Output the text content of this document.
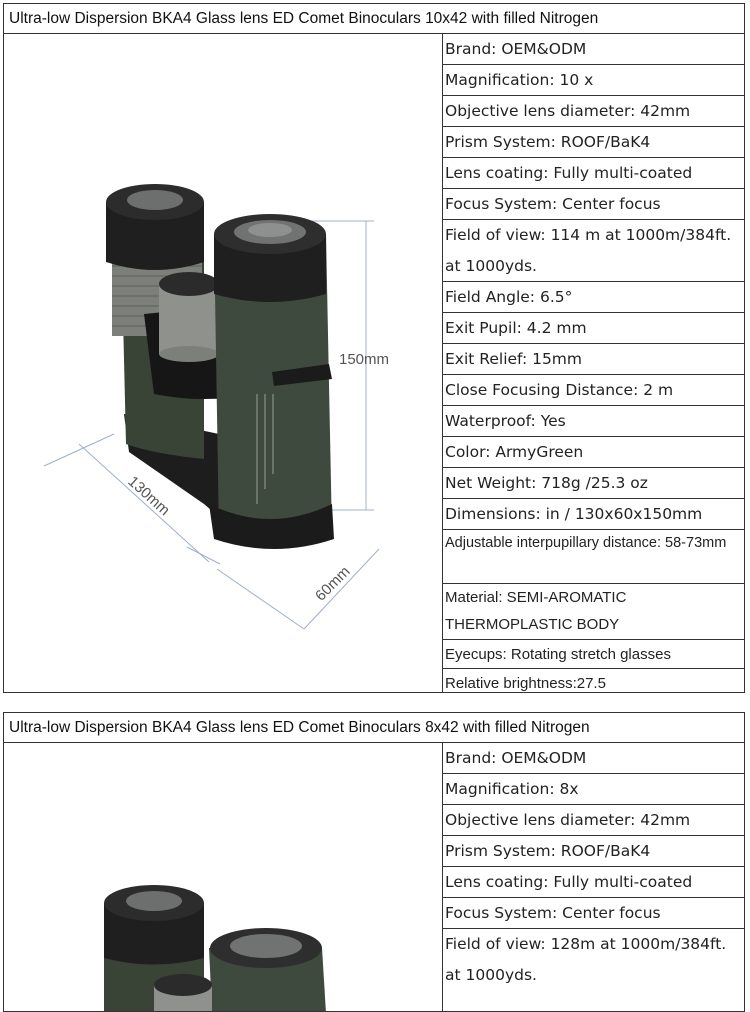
Ultra-low Dispersion BKA4 Glass lens ED Comet Binoculars 10x42 with filled Nitrogen
150mm
130mm
60mm
Brand: OEM&ODM
Magnification: 10 x
Objective lens diameter: 42mm
Prism System: ROOF/BaK4
Lens coating: Fully multi-coated
Focus System: Center focus
Field of view: 114 m at 1000m/384ft. at 1000yds.
Field Angle: 6.5°
Exit Pupil: 4.2 mm
Exit Relief: 15mm
Close Focusing Distance: 2 m
Waterproof: Yes
Color: ArmyGreen
Net Weight: 718g /25.3 oz
Dimensions: in / 130x60x150mm
Adjustable interpupillary distance: 58-73mm
Material: SEMI-AROMATIC THERMOPLASTIC BODY
Eyecups: Rotating stretch glasses
Relative brightness:27.5
Ultra-low Dispersion BKA4 Glass lens ED Comet Binoculars 8x42 with filled Nitrogen
Brand: OEM&ODM
Magnification: 8x
Objective lens diameter: 42mm
Prism System: ROOF/BaK4
Lens coating: Fully multi-coated
Focus System: Center focus
Field of view: 128m at 1000m/384ft. at 1000yds.
